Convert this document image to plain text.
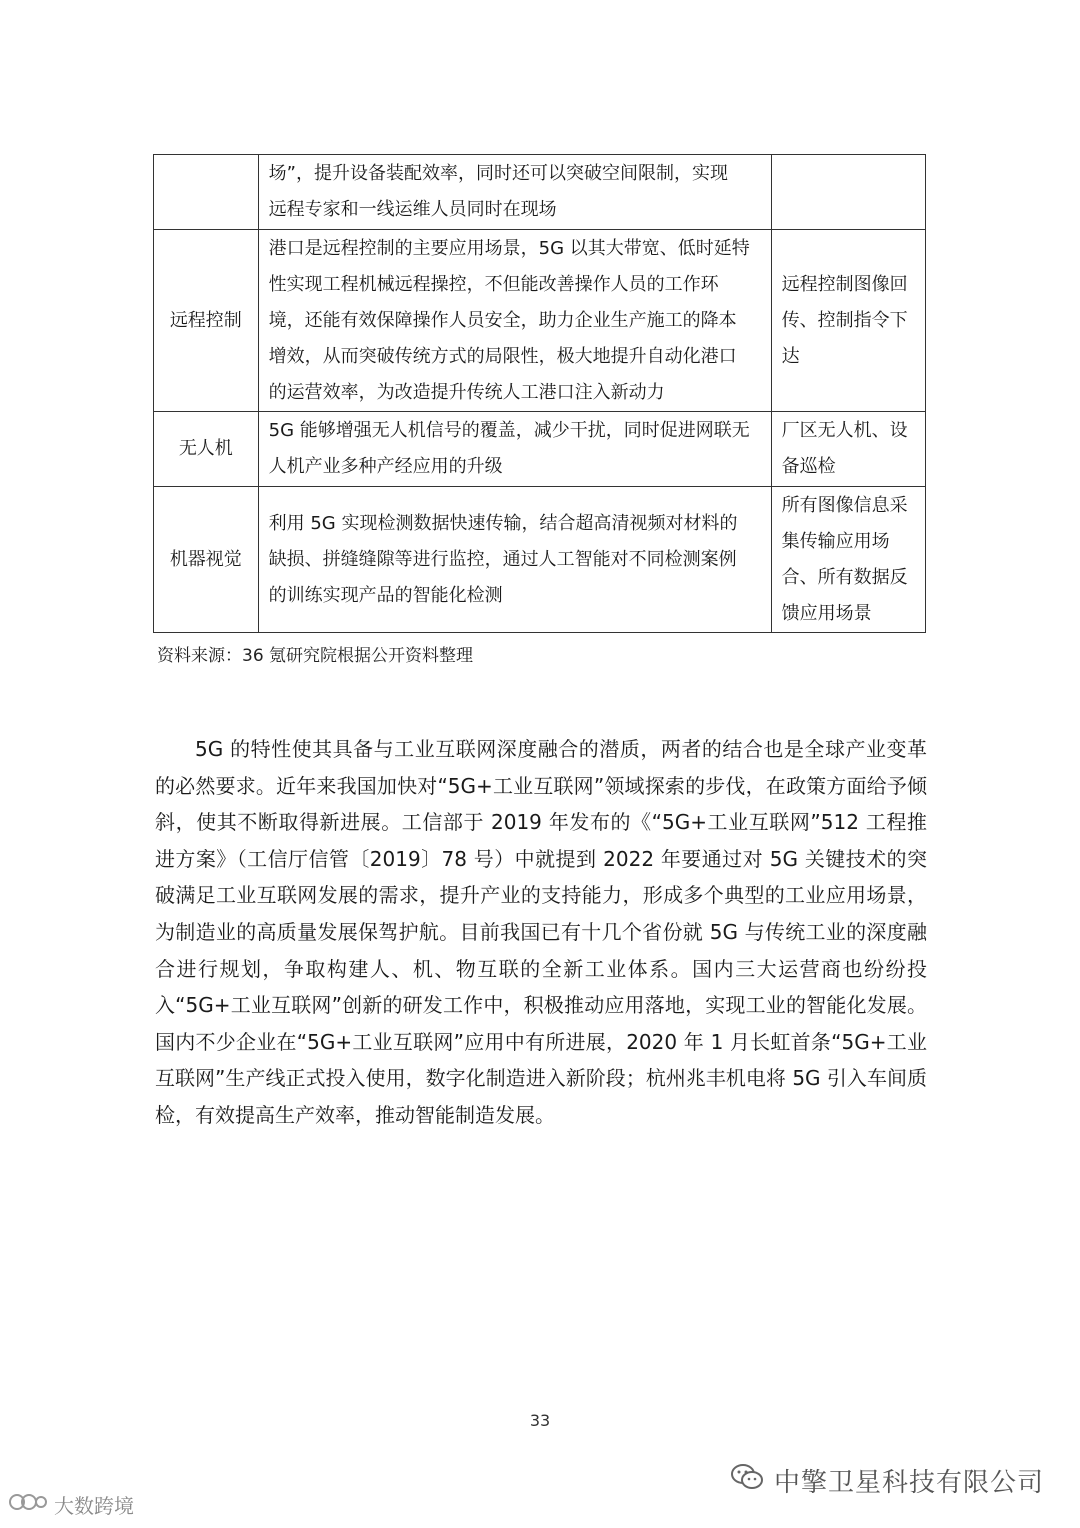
	场”，提升设备装配效率，同时还可以突破空间限制，实现
远程专家和一线运维人员同时在现场	
远程控制	港口是远程控制的主要应用场景，5G 以其大带宽、低时延特
性实现工程机械远程操控，不但能改善操作人员的工作环
境，还能有效保障操作人员安全，助力企业生产施工的降本
增效，从而突破传统方式的局限性，极大地提升自动化港口
的运营效率，为改造提升传统人工港口注入新动力	远程控制图像回
传、控制指令下
达
无人机	5G 能够增强无人机信号的覆盖，减少干扰，同时促进网联无
人机产业多种产经应用的升级	厂区无人机、设
备巡检
机器视觉	利用 5G 实现检测数据快速传输，结合超高清视频对材料的
缺损、拼缝缝隙等进行监控，通过人工智能对不同检测案例
的训练实现产品的智能化检测	所有图像信息采
集传输应用场
合、所有数据反
馈应用场景
资料来源：36 氪研究院根据公开资料整理

5G 的特性使其具备与工业互联网深度融合的潜质，两者的结合也是全球产业变革的必然要求。近年来我国加快对“5G+工业互联网”领域探索的步伐，在政策方面给予倾斜，使其不断取得新进展。工信部于 2019 年发布的《“5G+工业互联网”512 工程推进方案》（工信厅信管〔2019〕78 号）中就提到 2022 年要通过对 5G 关键技术的突破满足工业互联网发展的需求，提升产业的支持能力，形成多个典型的工业应用场景，为制造业的高质量发展保驾护航。目前我国已有十几个省份就 5G 与传统工业的深度融合进行规划，争取构建人、机、物互联的全新工业体系。国内三大运营商也纷纷投入“5G+工业互联网”创新的研发工作中，积极推动应用落地，实现工业的智能化发展。国内不少企业在“5G+工业互联网”应用中有所进展，2020 年 1 月长虹首条“5G+工业互联网”生产线正式投入使用，数字化制造进入新阶段；杭州兆丰机电将 5G 引入车间质检，有效提高生产效率，推动智能制造发展。

33
中擎卫星科技有限公司
大数跨境
